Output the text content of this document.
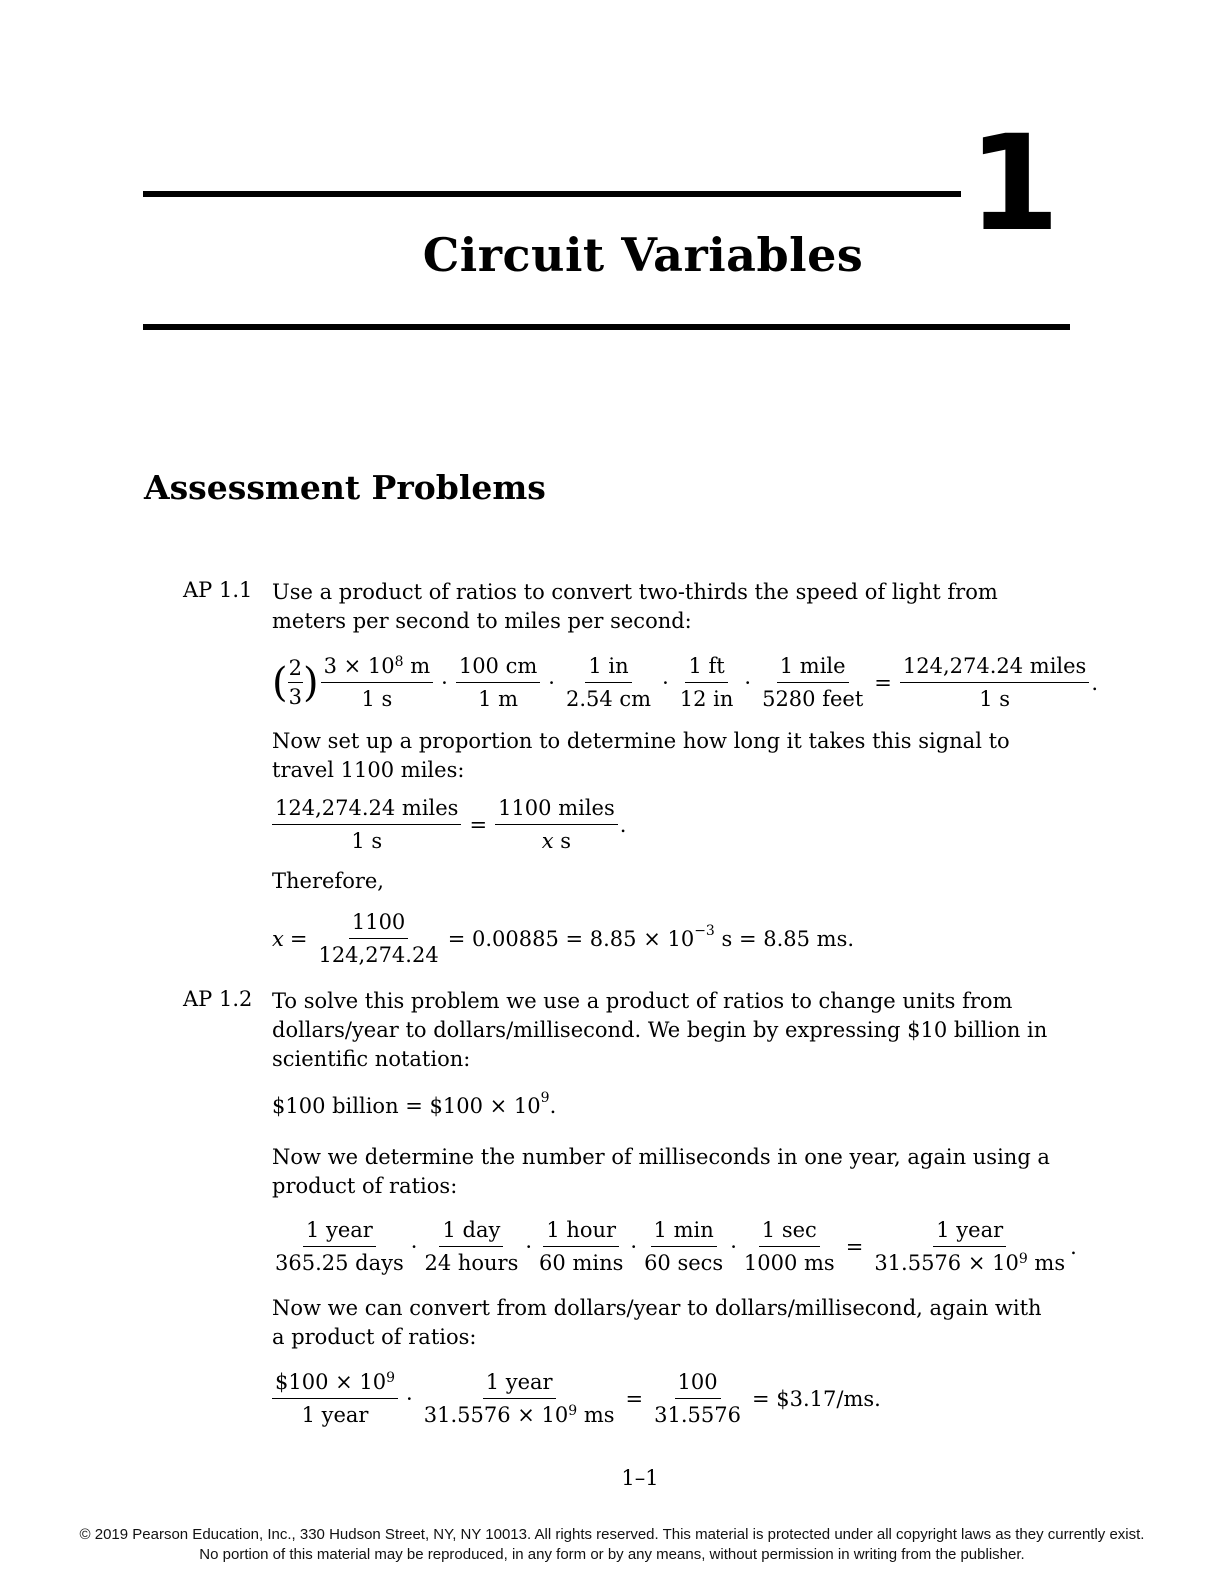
1
Circuit Variables
Assessment Problems
AP 1.1 Use a product of ratios to convert two-thirds the speed of light from meters per second to miles per second:
( $\frac{2}{3}$ ) $\frac{3 \times 10^8 m}{1 s} \cdot \frac{100 cm}{1 m} \cdot \frac{1 in}{2.54 cm} \cdot \frac{1 ft}{12 in} \cdot \frac{\text{1 mile}}{\text{5280 feet}} = \frac{\text{124,274.24 miles}}{1 s}$ .
Now set up a proportion to determine how long it takes this signal to travel 1100 miles:
$\frac{\text{124,274.24 miles}}{1 s} = \frac{\text{1100 miles}}{\text{x s}}$ .
Therefore,
$x = \frac{1100}{124,274.24} = 0.00885 = 8.85 \times 10^{-3}$ s = 8.85 ms.
AP 1.2 To solve this problem we use a product of ratios to change units from dollars/year to dollars/millisecond. We begin by expressing $10 billion in scientific notation:
$100 billion = $100 × $10^9$.
Now we determine the number of milliseconds in one year, again using a product of ratios:
$\frac{\text{1 year}}{\text{365.25 days}} \cdot \frac{\text{1 day}}{\text{24 hours}} \cdot \frac{\text{1 hour}}{60 \min s} \cdot \frac{1 \min}{60 \sec s} \cdot \frac{1 \sec}{1000 ms} = \frac{\text{1 year}}{31.5576 \times 10^9 ms}$ .
Now we can convert from dollars/year to dollars/millisecond, again with a product of ratios:
$\frac{\$100 \times 10^9}{\text{1 year}} \cdot \frac{\text{1 year}}{31.5576 \times 10^9 ms} = \frac{100}{31.5576}$ = $3.17/ms.
1–1
© 2019 Pearson Education, Inc., 330 Hudson Street, NY, NY 10013. All rights reserved. This material is protected under all copyright laws as they currently exist.
No portion of this material may be reproduced, in any form or by any means, without permission in writing from the publisher.
